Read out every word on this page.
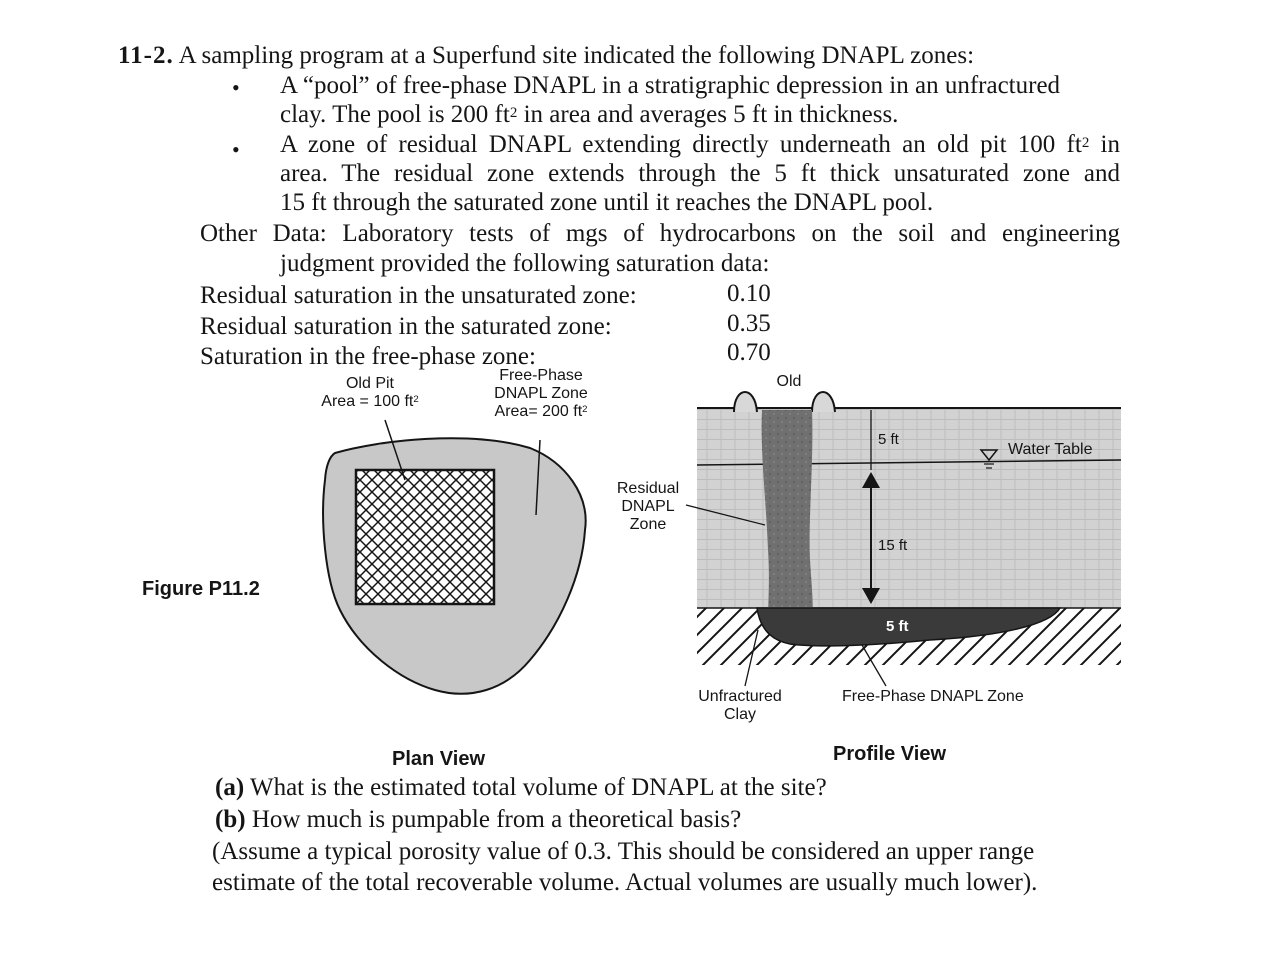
11-2. A sampling program at a Superfund site indicated the following DNAPL zones:
• A “pool” of free-phase DNAPL in a stratigraphic depression in an unfractured
clay. The pool is 200 $ft^2$ in area and averages 5 ft in thickness.
• A zone of residual DNAPL extending directly underneath an old pit 100 $ft^2$ in
area. The residual zone extends through the 5 ft thick unsaturated zone and
15 ft through the saturated zone until it reaches the DNAPL pool.
Other Data: Laboratory tests of mgs of hydrocarbons on the soil and engineering
judgment provided the following saturation data:
Residual saturation in the unsaturated zone:	0.10
Residual saturation in the saturated zone:	0.35
Saturation in the free-phase zone:	0.70
Old Pit
Area = 100 $ft^2$
Free-Phase
DNAPL Zone
Area= 200 $ft^2$
Figure P11.2
Residual
DNAPL
Zone
Old
Unfractured
Clay
Free-Phase DNAPL Zone
Plan View	Profile View
5 ft
15 ft
5 ft
Water Table
(a) What is the estimated total volume of DNAPL at the site?
(b) How much is pumpable from a theoretical basis?
(Assume a typical porosity value of 0.3. This should be considered an upper range
estimate of the total recoverable volume. Actual volumes are usually much lower).
